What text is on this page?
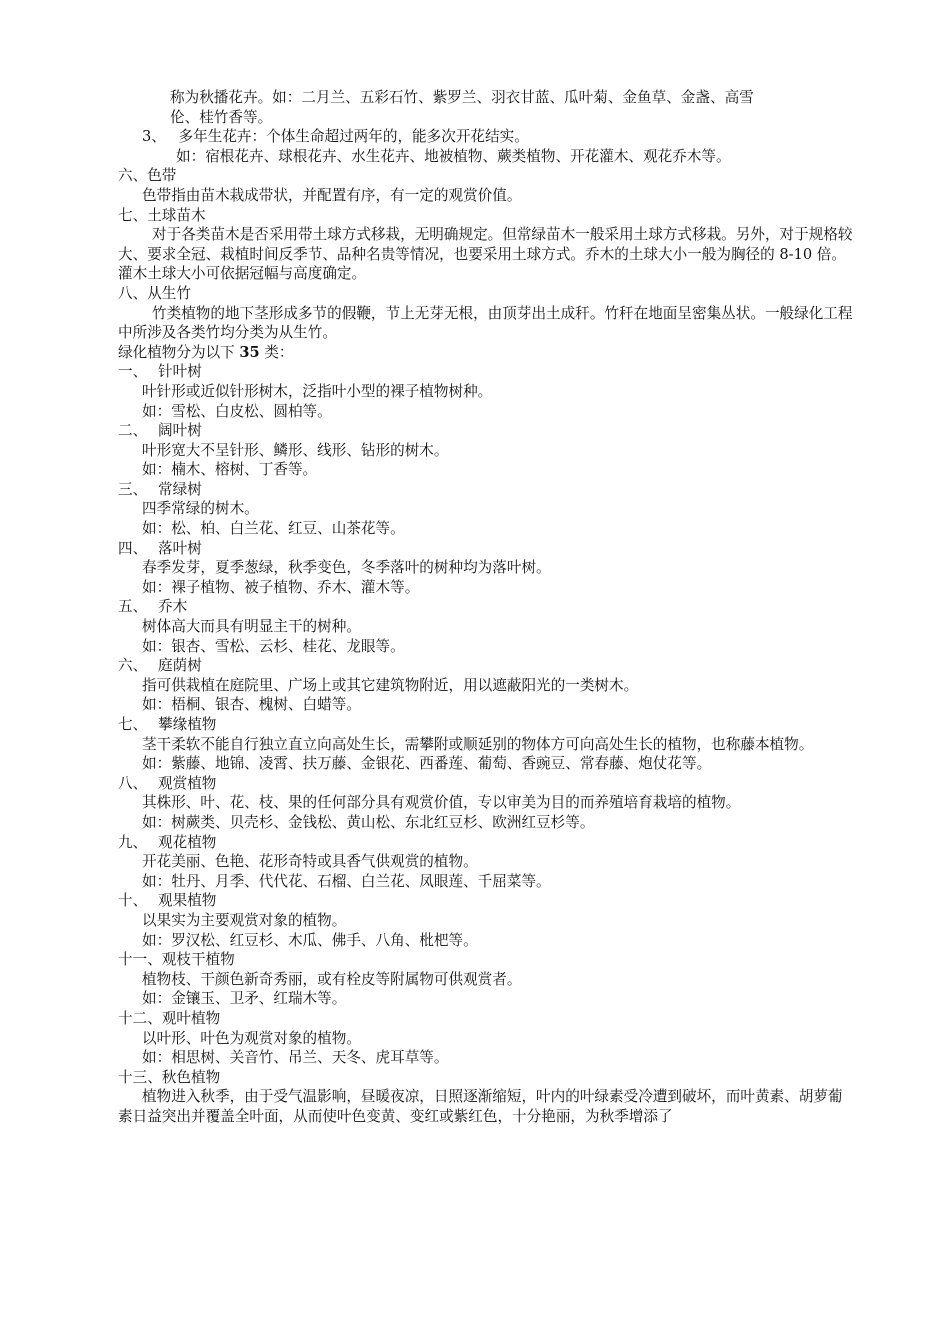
称为秋播花卉。如：二月兰、五彩石竹、紫罗兰、羽衣甘蓝、瓜叶菊、金鱼草、金盏、高雪
伦、桂竹香等。
3、 多年生花卉：个体生命超过两年的，能多次开花结实。
如：宿根花卉、球根花卉、水生花卉、地被植物、蕨类植物、开花灌木、观花乔木等。
六、色带
色带指由苗木栽成带状，并配置有序，有一定的观赏价值。
七、土球苗木
对于各类苗木是否采用带土球方式移栽，无明确规定。但常绿苗木一般采用土球方式移栽。另外，对于规格较大、要求全冠、栽植时间反季节、品种名贵等情况，也要采用土球方式。乔木的土球大小一般为胸径的 8-10 倍。灌木土球大小可依据冠幅与高度确定。
八、从生竹
竹类植物的地下茎形成多节的假鞭，节上无芽无根，由顶芽出土成秆。竹秆在地面呈密集丛状。一般绿化工程中所涉及各类竹均分类为从生竹。
绿化植物分为以下 35 类：
一、 针叶树
叶针形或近似针形树木，泛指叶小型的裸子植物树种。
如：雪松、白皮松、圆柏等。
二、 阔叶树
叶形宽大不呈针形、鳞形、线形、钻形的树木。
如：楠木、榕树、丁香等。
三、 常绿树
四季常绿的树木。
如：松、柏、白兰花、红豆、山茶花等。
四、 落叶树
春季发芽，夏季葱绿，秋季变色，冬季落叶的树种均为落叶树。
如：裸子植物、被子植物、乔木、灌木等。
五、 乔木
树体高大而具有明显主干的树种。
如：银杏、雪松、云杉、桂花、龙眼等。
六、 庭荫树
指可供栽植在庭院里、广场上或其它建筑物附近，用以遮蔽阳光的一类树木。
如：梧桐、银杏、槐树、白蜡等。
七、 攀缘植物
茎干柔软不能自行独立直立向高处生长，需攀附或顺延别的物体方可向高处生长的植物，也称藤本植物。
如：紫藤、地锦、凌霄、扶万藤、金银花、西番莲、葡萄、香豌豆、常春藤、炮仗花等。
八、 观赏植物
其株形、叶、花、枝、果的任何部分具有观赏价值，专以审美为目的而养殖培育栽培的植物。
如：树蕨类、贝壳杉、金钱松、黄山松、东北红豆杉、欧洲红豆杉等。
九、 观花植物
开花美丽、色艳、花形奇特或具香气供观赏的植物。
如：牡丹、月季、代代花、石榴、白兰花、凤眼莲、千屈菜等。
十、 观果植物
以果实为主要观赏对象的植物。
如：罗汉松、红豆杉、木瓜、佛手、八角、枇杷等。
十一、观枝干植物
植物枝、干颜色新奇秀丽，或有栓皮等附属物可供观赏者。
如：金镶玉、卫矛、红瑞木等。
十二、观叶植物
以叶形、叶色为观赏对象的植物。
如：相思树、关音竹、吊兰、天冬、虎耳草等。
十三、秋色植物
植物进入秋季，由于受气温影响，昼暖夜凉，日照逐渐缩短，叶内的叶绿素受冷遭到破坏，而叶黄素、胡萝葡素日益突出并覆盖全叶面，从而使叶色变黄、变红或紫红色，十分艳丽，为秋季增添了
